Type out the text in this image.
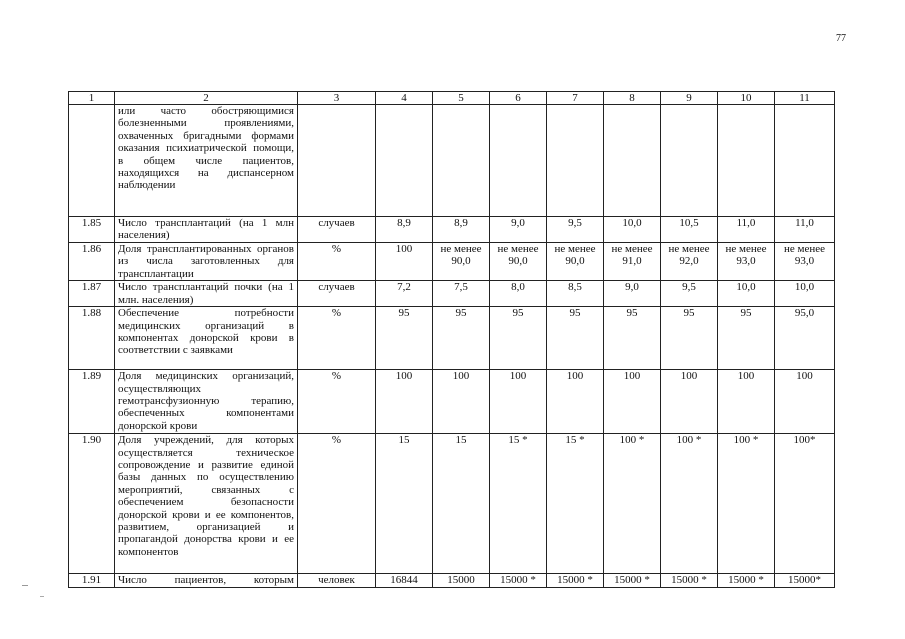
77
1	2	3	4	5	6	7	8	9	10	11
	или часто обостряющимися болезненными проявлениями, охваченных бригадными формами оказания психиатрической помощи, в общем числе пациентов, находящихся на диспансерном наблюдении									
1.85	Число трансплантаций (на 1 млн населения)	случаев	8,9	8,9	9,0	9,5	10,0	10,5	11,0	11,0
1.86	Доля трансплантированных органов из числа заготовленных для трансплантации	%	100	не менее 90,0	не менее 90,0	не менее 90,0	не менее 91,0	не менее 92,0	не менее 93,0	не менее 93,0
1.87	Число трансплантаций почки (на 1 млн. населения)	случаев	7,2	7,5	8,0	8,5	9,0	9,5	10,0	10,0
1.88	Обеспечение потребности медицинских организаций в компонентах донорской крови в соответствии с заявками	%	95	95	95	95	95	95	95	95,0
1.89	Доля медицинских организаций, осуществляющих гемотрансфузионную терапию, обеспеченных компонентами донорской крови	%	100	100	100	100	100	100	100	100
1.90	Доля учреждений, для которых осуществляется техническое сопровождение и развитие единой базы данных по осуществлению мероприятий, связанных с обеспечением безопасности донорской крови и ее компонентов, развитием, организацией и пропагандой донорства крови и ее компонентов	%	15	15	15 *	15 *	100 *	100 *	100 *	100*
1.91	Число пациентов, которым	человек	16844	15000	15000 *	15000 *	15000 *	15000 *	15000 *	15000*
